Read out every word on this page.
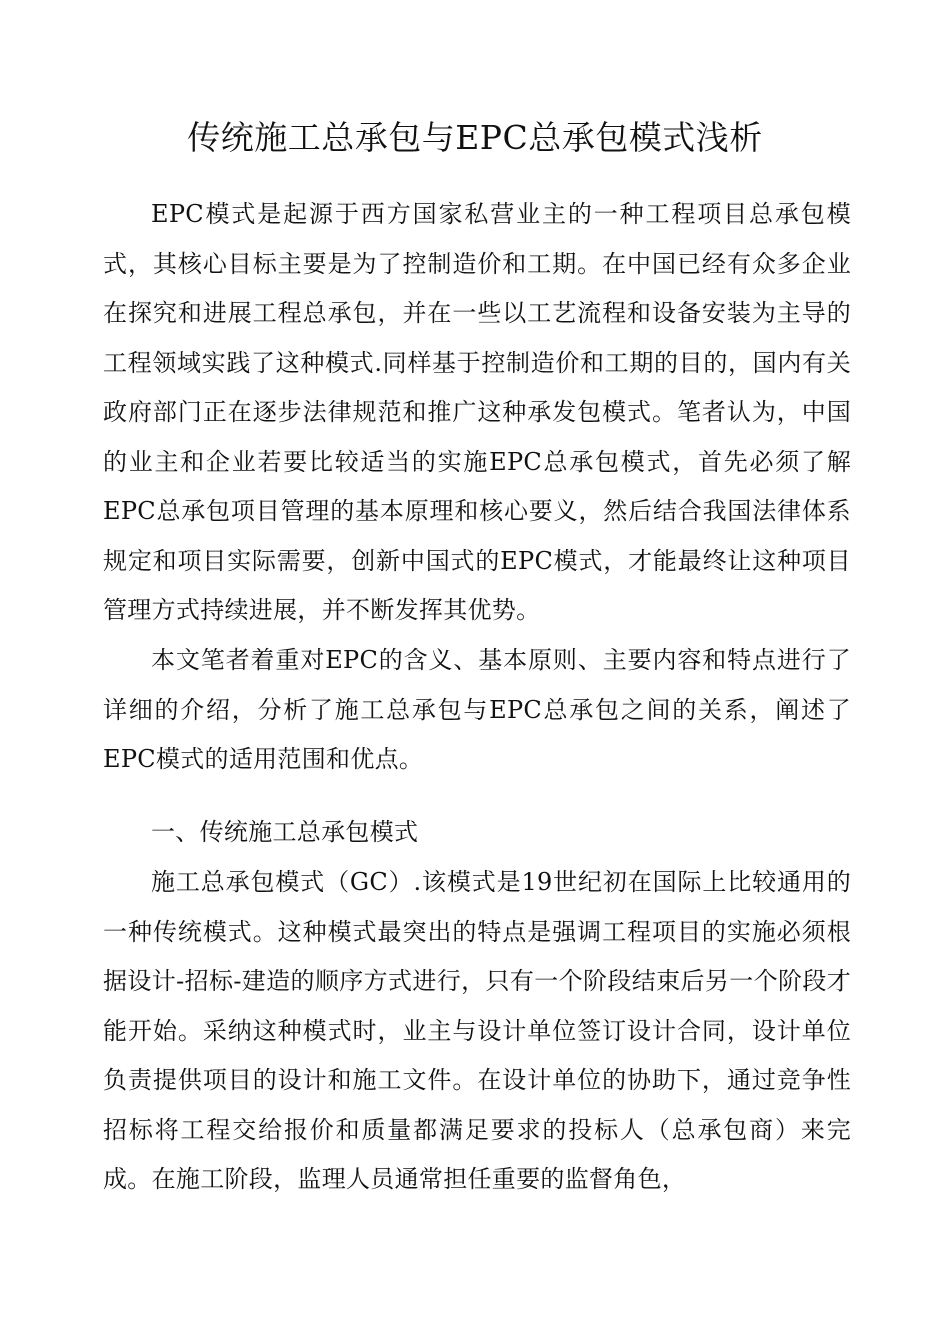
传统施工总承包与EPC总承包模式浅析

EPC模式是起源于西方国家私营业主的一种工程项目总承包模式，其核心目标主要是为了控制造价和工期。在中国已经有众多企业在探究和进展工程总承包，并在一些以工艺流程和设备安装为主导的工程领域实践了这种模式.同样基于控制造价和工期的目的，国内有关政府部门正在逐步法律规范和推广这种承发包模式。笔者认为，中国的业主和企业若要比较适当的实施EPC总承包模式，首先必须了解EPC总承包项目管理的基本原理和核心要义，然后结合我国法律体系规定和项目实际需要，创新中国式的EPC模式，才能最终让这种项目管理方式持续进展，并不断发挥其优势。

本文笔者着重对EPC的含义、基本原则、主要内容和特点进行了详细的介绍，分析了施工总承包与EPC总承包之间的关系，阐述了EPC模式的适用范围和优点。

一、传统施工总承包模式

施工总承包模式（GC）.该模式是19世纪初在国际上比较通用的一种传统模式。这种模式最突出的特点是强调工程项目的实施必须根据设计-招标-建造的顺序方式进行，只有一个阶段结束后另一个阶段才能开始。采纳这种模式时，业主与设计单位签订设计合同，设计单位负责提供项目的设计和施工文件。在设计单位的协助下，通过竞争性招标将工程交给报价和质量都满足要求的投标人（总承包商）来完成。在施工阶段，监理人员通常担任重要的监督角色，
